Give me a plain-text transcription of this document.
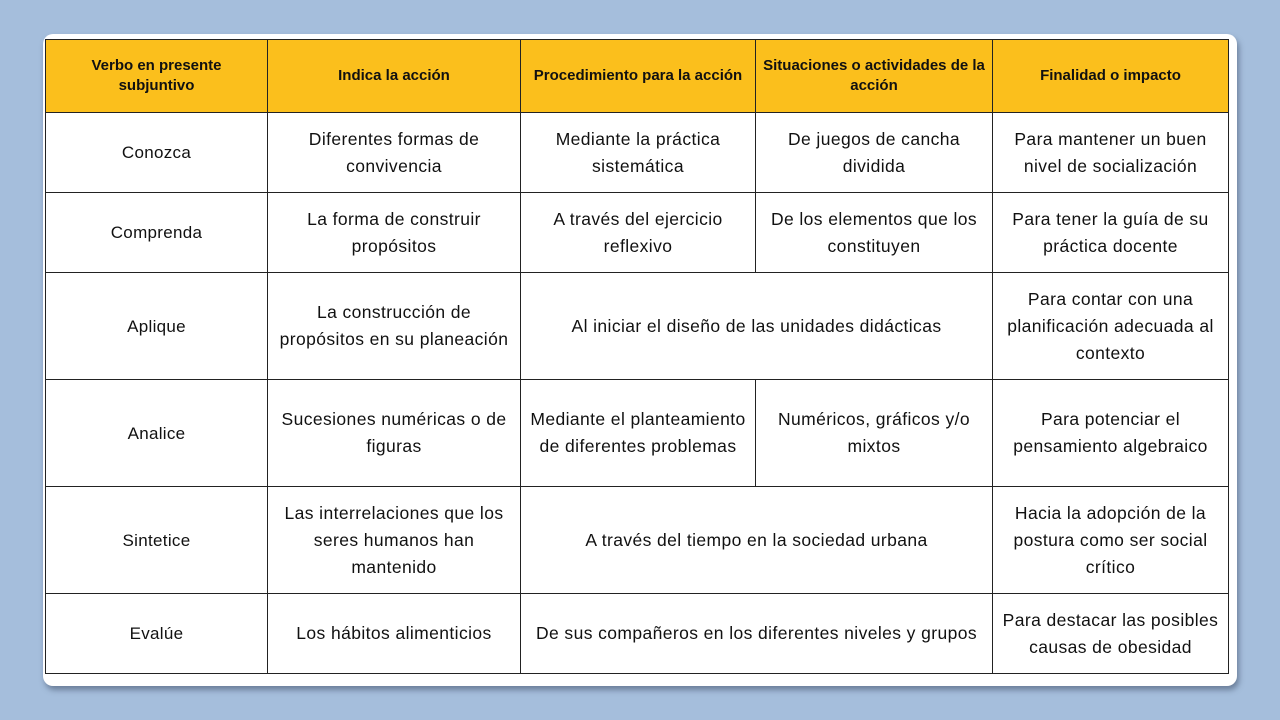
Verbo en presente subjuntivo	Indica la acción	Procedimiento para la acción	Situaciones o actividades de la acción	Finalidad o impacto
Conozca	Diferentes formas de convivencia	Mediante la práctica sistemática	De juegos de cancha dividida	Para mantener un buen nivel de socialización
Comprenda	La forma de construir propósitos	A través del ejercicio reflexivo	De los elementos que los constituyen	Para tener la guía de su práctica docente
Aplique	La construcción de propósitos en su planeación	Al iniciar el diseño de las unidades didácticas		Para contar con una planificación adecuada al contexto
Analice	Sucesiones numéricas o de figuras	Mediante el planteamiento de diferentes problemas	Numéricos, gráficos y/o mixtos	Para potenciar el pensamiento algebraico
Sintetice	Las interrelaciones que los seres humanos han mantenido	A través del tiempo en la sociedad urbana		Hacia la adopción de la postura como ser social crítico
Evalúe	Los hábitos alimenticios	De sus compañeros en los diferentes niveles y grupos		Para destacar las posibles causas de obesidad
